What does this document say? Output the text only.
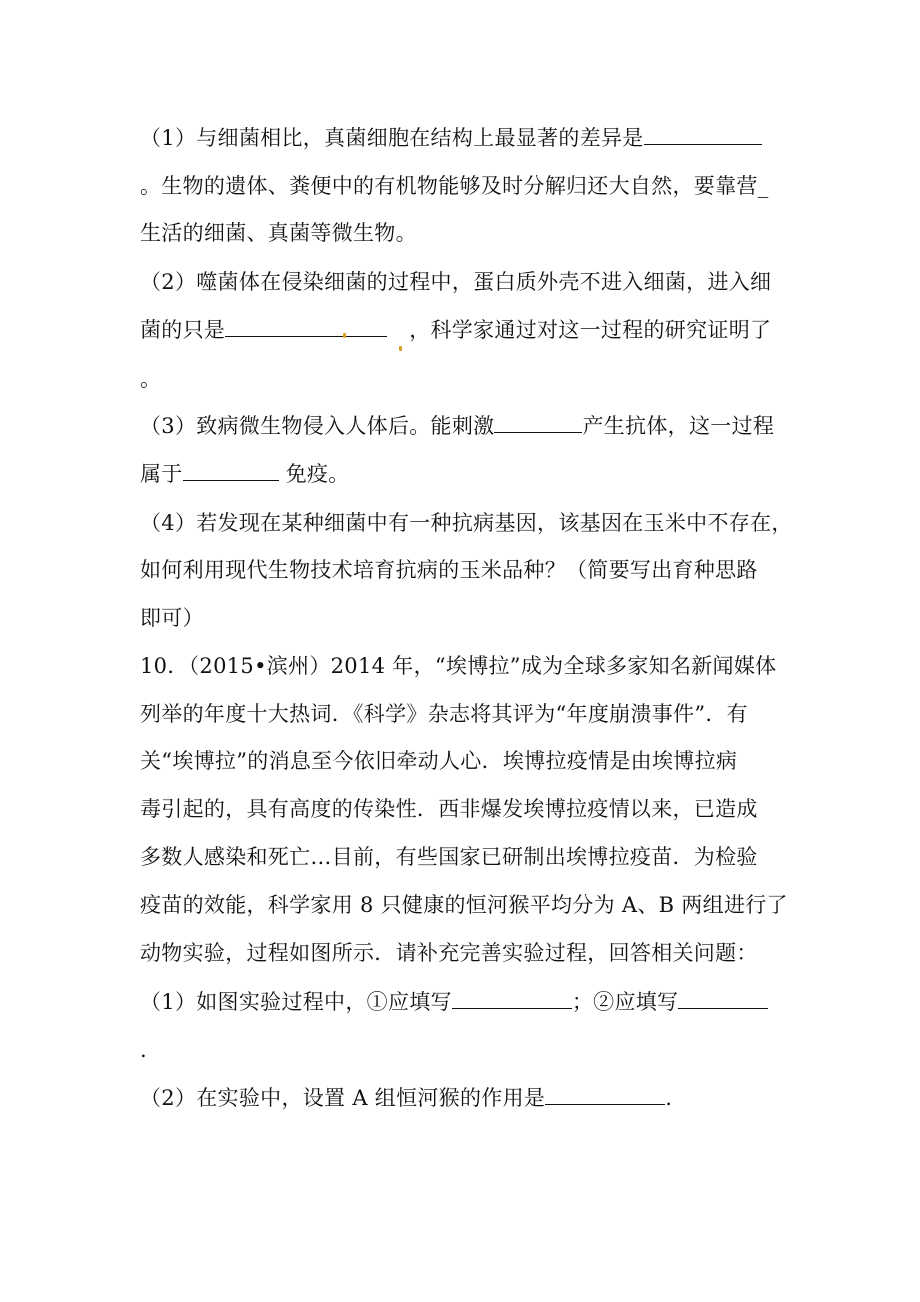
（1）与细菌相比，真菌细胞在结构上最显著的差异是
。生物的遗体、粪便中的有机物能够及时分解归还大自然，要靠营_
生活的细菌、真菌等微生物。
（2）噬菌体在侵染细菌的过程中，蛋白质外壳不进入细菌，进入细
菌的只是	，科学家通过对这一过程的研究证明了
。
（3）致病微生物侵入人体后。能刺激	产生抗体，这一过程
属于	免疫。
（4）若发现在某种细菌中有一种抗病基因，该基因在玉米中不存在，
如何利用现代生物技术培育抗病的玉米品种？（简要写出育种思路
即可）
10．（2015•滨州）2014 年，“埃博拉”成为全球多家知名新闻媒体
列举的年度十大热词．《科学》杂志将其评为“年度崩溃事件”．有
关“埃博拉”的消息至今依旧牵动人心．埃博拉疫情是由埃博拉病
毒引起的，具有高度的传染性．西非爆发埃博拉疫情以来，已造成
多数人感染和死亡…目前，有些国家已研制出埃博拉疫苗．为检验
疫苗的效能，科学家用 8 只健康的恒河猴平均分为 A、B 两组进行了
动物实验，过程如图所示．请补充完善实验过程，回答相关问题：
（1）如图实验过程中，①应填写	；②应填写
.
（2）在实验中，设置 A 组恒河猴的作用是	.
